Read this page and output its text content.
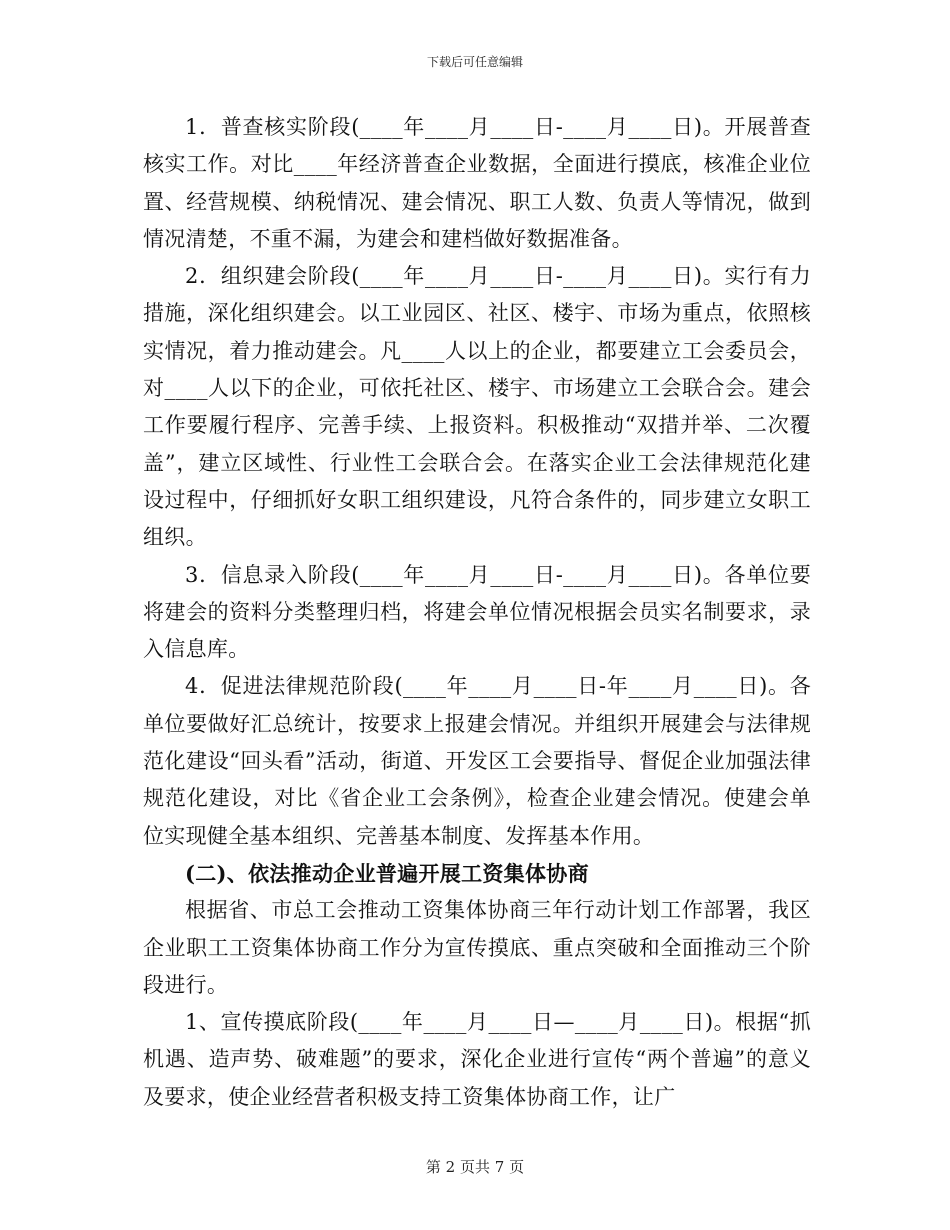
下载后可任意编辑

1．普查核实阶段(____年____月____日-____月____日)。开展普查核实工作。对比____年经济普查企业数据，全面进行摸底，核准企业位置、经营规模、纳税情况、建会情况、职工人数、负责人等情况，做到情况清楚，不重不漏，为建会和建档做好数据准备。

2．组织建会阶段(____年____月____日-____月____日)。实行有力措施，深化组织建会。以工业园区、社区、楼宇、市场为重点，依照核实情况，着力推动建会。凡____人以上的企业，都要建立工会委员会，对____人以下的企业，可依托社区、楼宇、市场建立工会联合会。建会工作要履行程序、完善手续、上报资料。积极推动“双措并举、二次覆盖”，建立区域性、行业性工会联合会。在落实企业工会法律规范化建设过程中，仔细抓好女职工组织建设，凡符合条件的，同步建立女职工组织。

3．信息录入阶段(____年____月____日-____月____日)。各单位要将建会的资料分类整理归档，将建会单位情况根据会员实名制要求，录入信息库。

4．促进法律规范阶段(____年____月____日-年____月____日)。各单位要做好汇总统计，按要求上报建会情况。并组织开展建会与法律规范化建设“回头看”活动，街道、开发区工会要指导、督促企业加强法律规范化建设，对比《省企业工会条例》，检查企业建会情况。使建会单位实现健全基本组织、完善基本制度、发挥基本作用。

(二)、依法推动企业普遍开展工资集体协商

根据省、市总工会推动工资集体协商三年行动计划工作部署，我区企业职工工资集体协商工作分为宣传摸底、重点突破和全面推动三个阶段进行。

1、宣传摸底阶段(____年____月____日—____月____日)。根据“抓机遇、造声势、破难题”的要求，深化企业进行宣传“两个普遍”的意义及要求，使企业经营者积极支持工资集体协商工作，让广

第 2 页共 7 页
